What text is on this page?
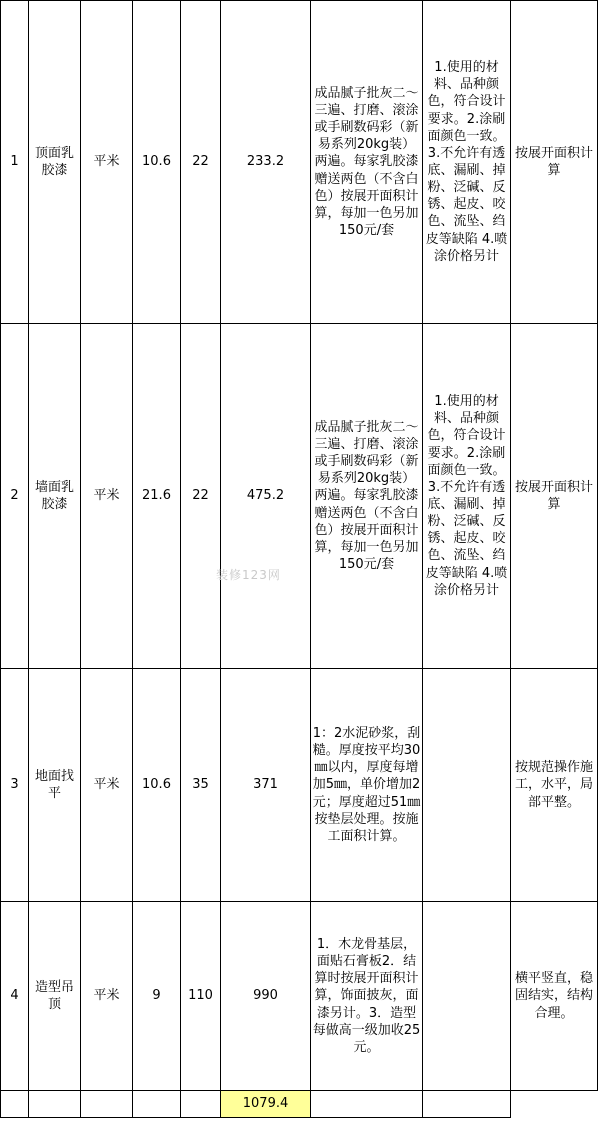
1	顶面乳胶漆	平米	10.6	22	233.2	成品腻子批灰二～三遍、打磨、滚涂或手刷数码彩（新易系列20kg装）两遍。每家乳胶漆赠送两色（不含白色）按展开面积计算，每加一色另加150元/套	1.使用的材料、品种颜色，符合设计要求。2.涂刷面颜色一致。3.不允许有透底、漏刷、掉粉、泛碱、反锈、起皮、咬色、流坠、绉皮等缺陷 4.喷涂价格另计	按展开面积计算
2	墙面乳胶漆	平米	21.6	22	475.2	成品腻子批灰二～三遍、打磨、滚涂或手刷数码彩（新易系列20kg装）两遍。每家乳胶漆赠送两色（不含白色）按展开面积计算，每加一色另加150元/套	1.使用的材料、品种颜色，符合设计要求。2.涂刷面颜色一致。3.不允许有透底、漏刷、掉粉、泛碱、反锈、起皮、咬色、流坠、绉皮等缺陷 4.喷涂价格另计	按展开面积计算
3	地面找平	平米	10.6	35	371	1：2水泥砂浆，刮糙。厚度按平均30㎜以内，厚度每增加5㎜，单价增加2元；厚度超过51㎜按垫层处理。按施工面积计算。		按规范操作施工，水平，局部平整。
4	造型吊顶	平米	9	110	990	1．木龙骨基层，面贴石膏板2．结算时按展开面积计算，饰面披灰，面漆另计。3．造型每做高一级加收25元。		横平竖直，稳固结实，结构合理。
					1079.4			
装修123网
